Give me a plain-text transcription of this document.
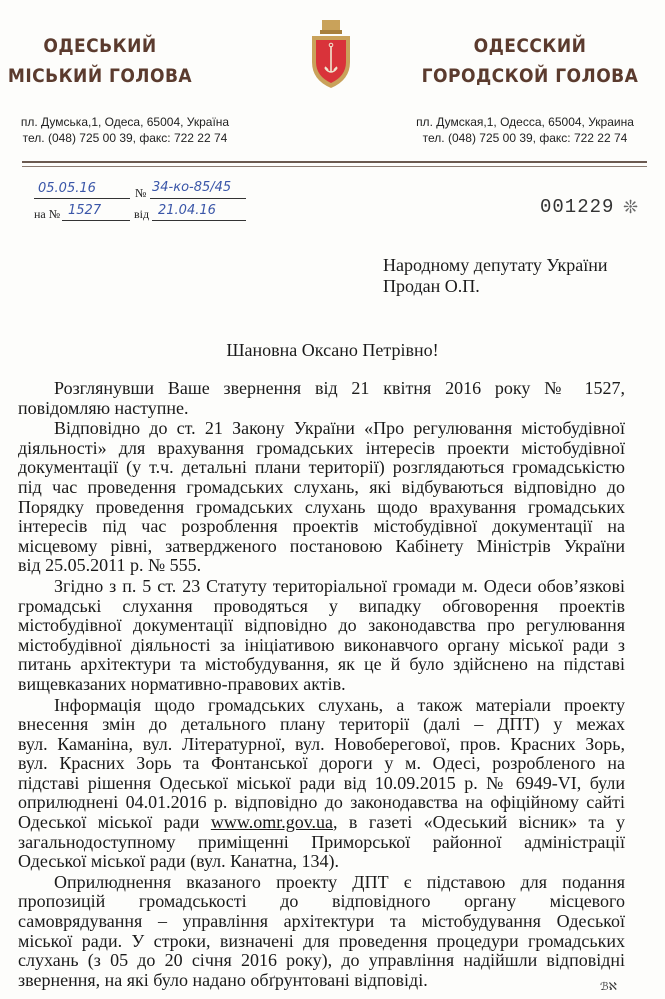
ОДЕСЬКИЙ
МІСЬКИЙ ГОЛОВА
ОДЕССКИЙ
ГОРОДСКОЙ ГОЛОВА
пл. Думська,1, Одеса, 65004, Україна
тел. (048) 725 00 39, факс: 722 22 74
пл. Думская,1, Одесса, 65004, Украина
тел. (048) 725 00 39, факс: 722 22 74
05.05.16	№ 34-ко-85/45
на № 1527	від 21.04.16	001229 ❊
Народному депутату України
Продан О.П.
Шановна Оксано Петрівно!
Розглянувши Ваше звернення від 21 квітня 2016 року № 1527,
повідомляю наступне.
Відповідно до ст. 21 Закону України «Про регулювання містобудівної
діяльності» для врахування громадських інтересів проекти містобудівної
документації (у т.ч. детальні плани території) розглядаються громадськістю
під час проведення громадських слухань, які відбуваються відповідно до
Порядку проведення громадських слухань щодо врахування громадських
інтересів під час розроблення проектів містобудівної документації на
місцевому рівні, затвердженого постановою Кабінету Міністрів України
від 25.05.2011 р. № 555.
Згідно з п. 5 ст. 23 Статуту територіальної громади м. Одеси обов’язкові
громадські слухання проводяться у випадку обговорення проектів
містобудівної документації відповідно до законодавства про регулювання
містобудівної діяльності за ініціативою виконавчого органу міської ради з
питань архітектури та містобудування, як це й було здійснено на підставі
вищевказаних нормативно-правових актів.
Інформація щодо громадських слухань, а також матеріали проекту
внесення змін до детального плану території (далі – ДПТ) у межах
вул. Каманіна, вул. Літературної, вул. Новоберегової, пров. Красних Зорь,
вул. Красних Зорь та Фонтанської дороги у м. Одесі, розробленого на
підставі рішення Одеської міської ради від 10.09.2015 р. № 6949-VI, були
оприлюднені 04.01.2016 р. відповідно до законодавства на офіційному сайті
Одеської міської ради www.omr.gov.ua, в газеті «Одеський вісник» та у
загальнодоступному приміщенні Приморської районної адміністрації
Одеської міської ради (вул. Канатна, 134).
Оприлюднення вказаного проекту ДПТ є підставою для подання
пропозицій громадськості до відповідного органу місцевого
самоврядування – управління архітектури та містобудування Одеської
міської ради. У строки, визначені для проведення процедури громадських
слухань (з 05 до 20 січня 2016 року), до управління надійшли відповідні
звернення, на які було надано обґрунтовані відповіді.	ℬℵ
